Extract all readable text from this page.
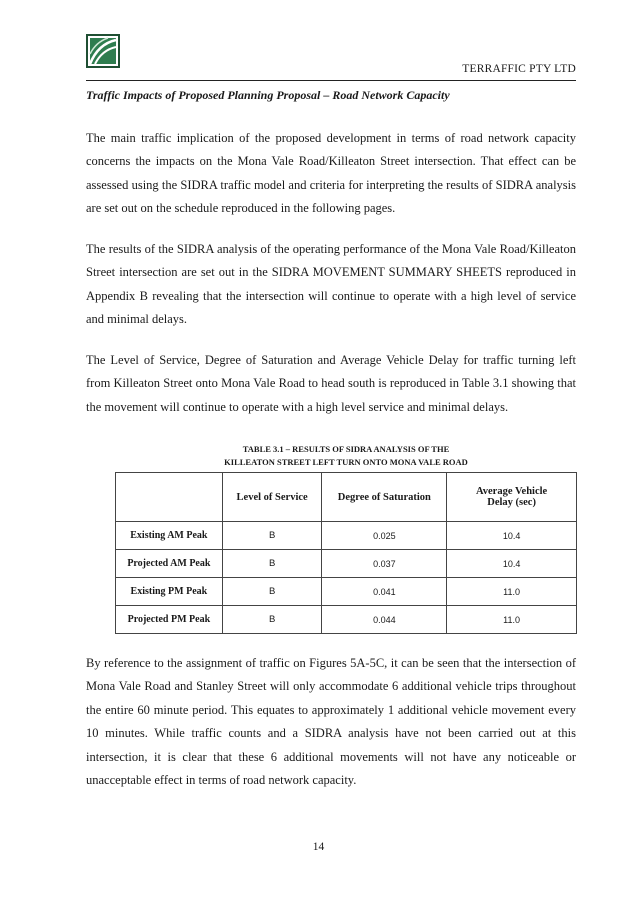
TERRAFFIC PTY LTD
Traffic Impacts of Proposed Planning Proposal – Road Network Capacity

The main traffic implication of the proposed development in terms of road network capacity concerns the impacts on the Mona Vale Road/Killeaton Street intersection. That effect can be assessed using the SIDRA traffic model and criteria for interpreting the results of SIDRA analysis are set out on the schedule reproduced in the following pages.

The results of the SIDRA analysis of the operating performance of the Mona Vale Road/Killeaton Street intersection are set out in the SIDRA MOVEMENT SUMMARY SHEETS reproduced in Appendix B revealing that the intersection will continue to operate with a high level of service and minimal delays.

The Level of Service, Degree of Saturation and Average Vehicle Delay for traffic turning left from Killeaton Street onto Mona Vale Road to head south is reproduced in Table 3.1 showing that the movement will continue to operate with a high level service and minimal delays.

TABLE 3.1 – RESULTS OF SIDRA ANALYSIS OF THE
KILLEATON STREET LEFT TURN ONTO MONA VALE ROAD
	Level of Service	Degree of Saturation	Average Vehicle Delay (sec)
Existing AM Peak	B	0.025	10.4
Projected AM Peak	B	0.037	10.4
Existing PM Peak	B	0.041	11.0
Projected PM Peak	B	0.044	11.0

By reference to the assignment of traffic on Figures 5A-5C, it can be seen that the intersection of Mona Vale Road and Stanley Street will only accommodate 6 additional vehicle trips throughout the entire 60 minute period. This equates to approximately 1 additional vehicle movement every 10 minutes. While traffic counts and a SIDRA analysis have not been carried out at this intersection, it is clear that these 6 additional movements will not have any noticeable or unacceptable effect in terms of road network capacity.

14
